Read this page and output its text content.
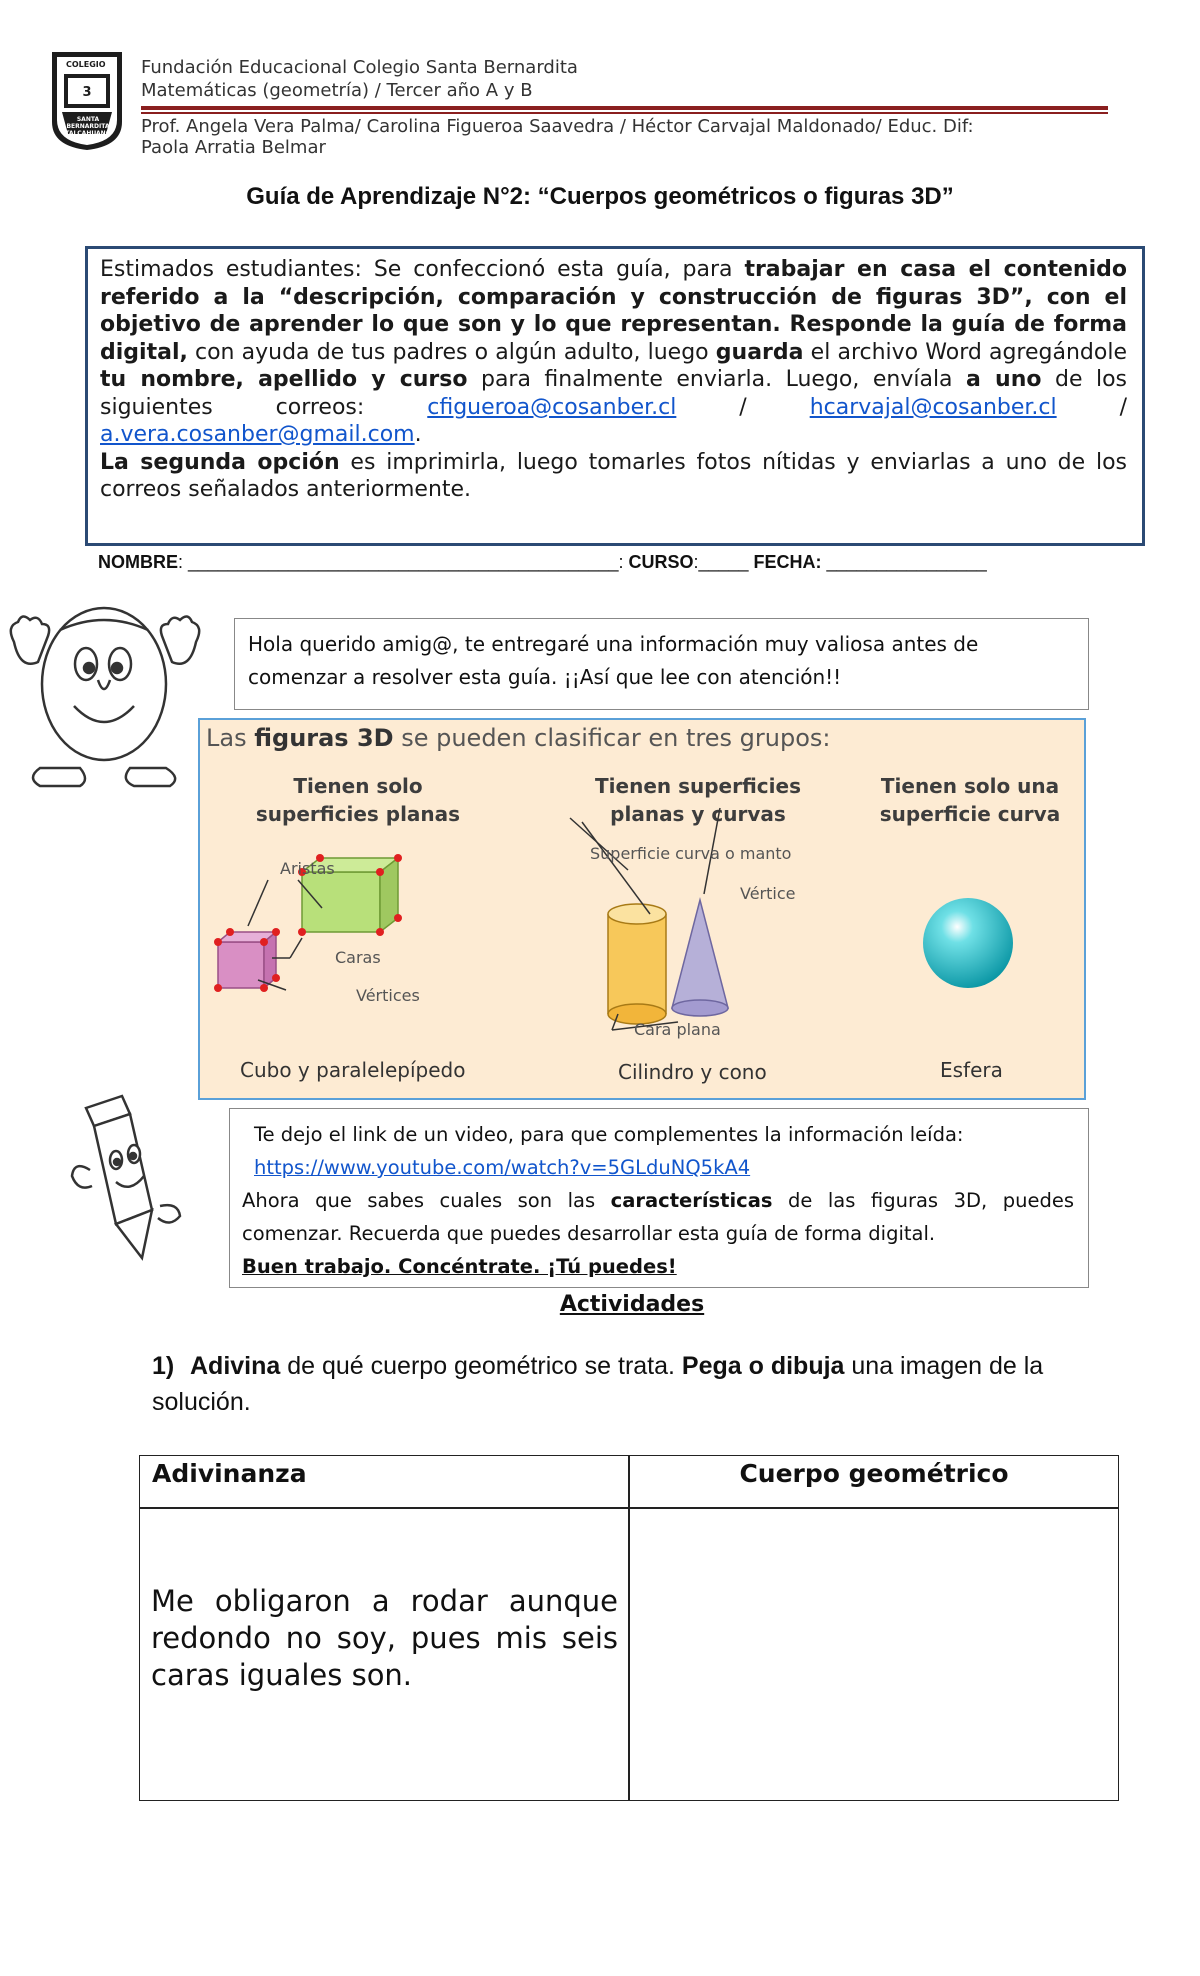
3
COLEGIO
SANTA BERNARDITA TALCAHUANO
Fundación Educacional Colegio Santa Bernardita
Matemáticas (geometría) / Tercer año A y B
Prof. Angela Vera Palma/ Carolina Figueroa Saavedra / Héctor Carvajal Maldonado/ Educ. Dif:
Paola Arratia Belmar
Guía de Aprendizaje N°2: “Cuerpos geométricos o figuras 3D”
Estimados estudiantes: Se confeccionó esta guía, para trabajar en casa el contenido referido a la “descripción, comparación y construcción de figuras 3D”, con el objetivo de aprender lo que son y lo que representan. Responde la guía de forma digital, con ayuda de tus padres o algún adulto, luego guarda el archivo Word agregándole tu nombre, apellido y curso para finalmente enviarla. Luego, envíala a uno de los siguientes correos: cfigueroa@cosanber.cl / hcarvajal@cosanber.cl / a.vera.cosanber@gmail.com.
La segunda opción es imprimirla, luego tomarles fotos nítidas y enviarlas a uno de los correos señalados anteriormente.
NOMBRE: ___________________________________________: CURSO:_____ FECHA: ________________
Hola querido amig@, te entregaré una información muy valiosa antes de comenzar a resolver esta guía. ¡¡Así que lee con atención!!
Las figuras 3D se pueden clasificar en tres grupos:
Tienen solo
superficies planas
Tienen superficies
planas y curvas
Tienen solo una
superficie curva
Aristas
Caras
Vértices
Superficie curva o manto
Vértice
Cara plana
Cubo y paralelepípedo	Cilindro y cono	Esfera
Te dejo el link de un video, para que complementes la información leída:
https://www.youtube.com/watch?v=5GLduNQ5kA4
Ahora que sabes cuales son las características de las figuras 3D, puedes comenzar. Recuerda que puedes desarrollar esta guía de forma digital.
Buen trabajo. Concéntrate. ¡Tú puedes!
Actividades
1) Adivina de qué cuerpo geométrico se trata. Pega o dibuja una imagen de la solución.
Adivinanza	Cuerpo geométrico
Me obligaron a rodar aunque redondo no soy, pues mis seis caras iguales son.
